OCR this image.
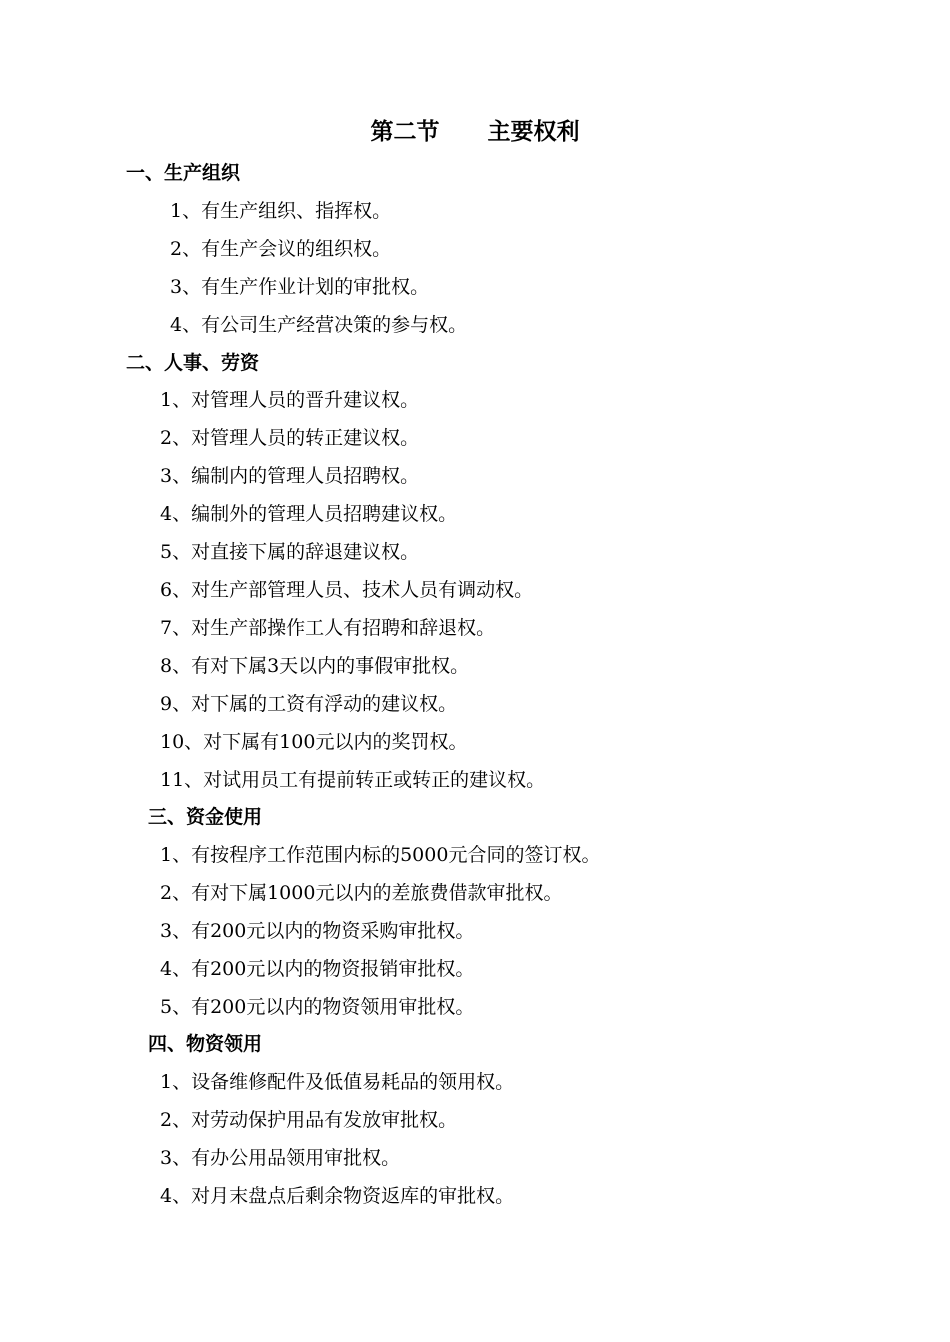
第二节      主要权利
一、生产组织
1、有生产组织、指挥权。
2、有生产会议的组织权。
3、有生产作业计划的审批权。
4、有公司生产经营决策的参与权。
二、人事、劳资
1、对管理人员的晋升建议权。
2、对管理人员的转正建议权。
3、编制内的管理人员招聘权。
4、编制外的管理人员招聘建议权。
5、对直接下属的辞退建议权。
6、对生产部管理人员、技术人员有调动权。
7、对生产部操作工人有招聘和辞退权。
8、有对下属3天以内的事假审批权。
9、对下属的工资有浮动的建议权。
10、对下属有100元以内的奖罚权。
11、对试用员工有提前转正或转正的建议权。
三、资金使用
1、有按程序工作范围内标的5000元合同的签订权。
2、有对下属1000元以内的差旅费借款审批权。
3、有200元以内的物资采购审批权。
4、有200元以内的物资报销审批权。
5、有200元以内的物资领用审批权。
四、物资领用
1、设备维修配件及低值易耗品的领用权。
2、对劳动保护用品有发放审批权。
3、有办公用品领用审批权。
4、对月末盘点后剩余物资返库的审批权。
